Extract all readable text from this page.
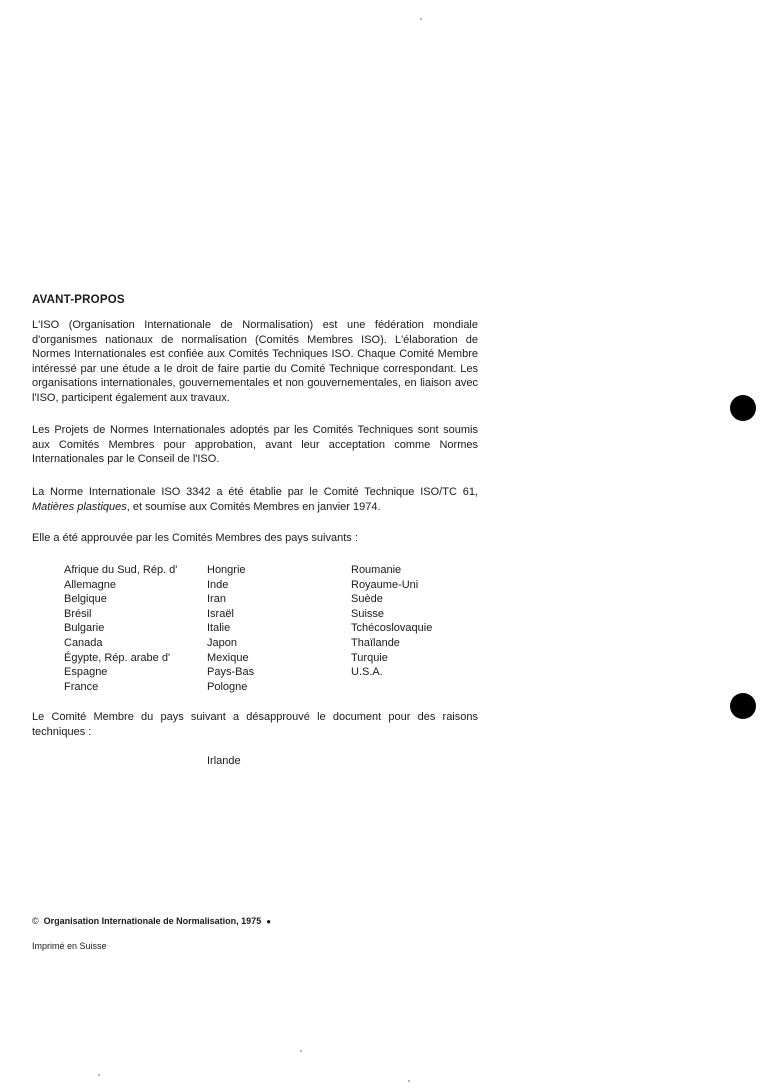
AVANT-PROPOS
L'ISO (Organisation Internationale de Normalisation) est une fédération mondiale d'organismes nationaux de normalisation (Comités Membres ISO). L'élaboration de Normes Internationales est confiée aux Comités Techniques ISO. Chaque Comité Membre intéressé par une étude a le droit de faire partie du Comité Technique correspondant. Les organisations internationales, gouvernementales et non gouvernementales, en liaison avec l'ISO, participent également aux travaux.
Les Projets de Normes Internationales adoptés par les Comités Techniques sont soumis aux Comités Membres pour approbation, avant leur acceptation comme Normes Internationales par le Conseil de l'ISO.
La Norme Internationale ISO 3342 a été établie par le Comité Technique ISO/TC 61, Matières plastiques, et soumise aux Comités Membres en janvier 1974.
Elle a été approuvée par les Comités Membres des pays suivants :
Afrique du Sud, Rép. d'
Allemagne
Belgique
Brésil
Bulgarie
Canada
Égypte, Rép. arabe d'
Espagne
France
Hongrie
Inde
Iran
Israël
Italie
Japon
Mexique
Pays-Bas
Pologne
Roumanie
Royaume-Uni
Suède
Suisse
Tchécoslovaquie
Thaïlande
Turquie
U.S.A.
Le Comité Membre du pays suivant a désapprouvé le document pour des raisons techniques :
Irlande
© Organisation Internationale de Normalisation, 1975 ●
Imprimé en Suisse
